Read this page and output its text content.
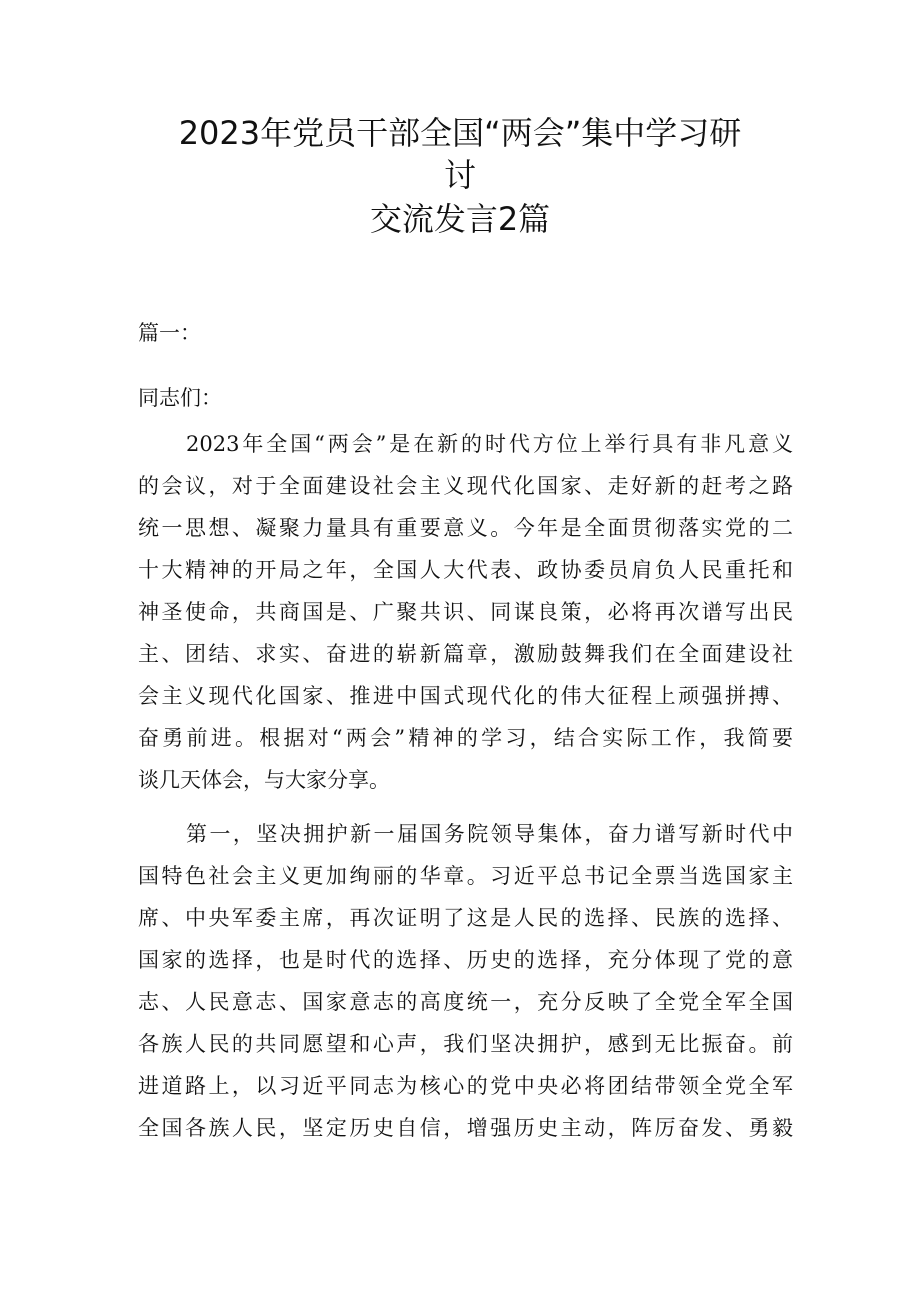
2023年党员干部全国“两会”集中学习研
讨
交流发言2篇
篇一：
同志们：
2023年全国“两会”是在新的时代方位上举行具有非凡意义
的会议，对于全面建设社会主义现代化国家、走好新的赶考之路
统一思想、凝聚力量具有重要意义。今年是全面贯彻落实党的二
十大精神的开局之年，全国人大代表、政协委员肩负人民重托和
神圣使命，共商国是、广聚共识、同谋良策，必将再次谱写出民
主、团结、求实、奋进的崭新篇章，激励鼓舞我们在全面建设社
会主义现代化国家、推进中国式现代化的伟大征程上顽强拼搏、
奋勇前进。根据对“两会”精神的学习，结合实际工作，我简要
谈几天体会，与大家分享。
第一，坚决拥护新一届国务院领导集体，奋力谱写新时代中
国特色社会主义更加绚丽的华章。习近平总书记全票当选国家主
席、中央军委主席，再次证明了这是人民的选择、民族的选择、
国家的选择，也是时代的选择、历史的选择，充分体现了党的意
志、人民意志、国家意志的高度统一，充分反映了全党全军全国
各族人民的共同愿望和心声，我们坚决拥护，感到无比振奋。前
进道路上，以习近平同志为核心的党中央必将团结带领全党全军
全国各族人民，坚定历史自信，增强历史主动，阵厉奋发、勇毅
